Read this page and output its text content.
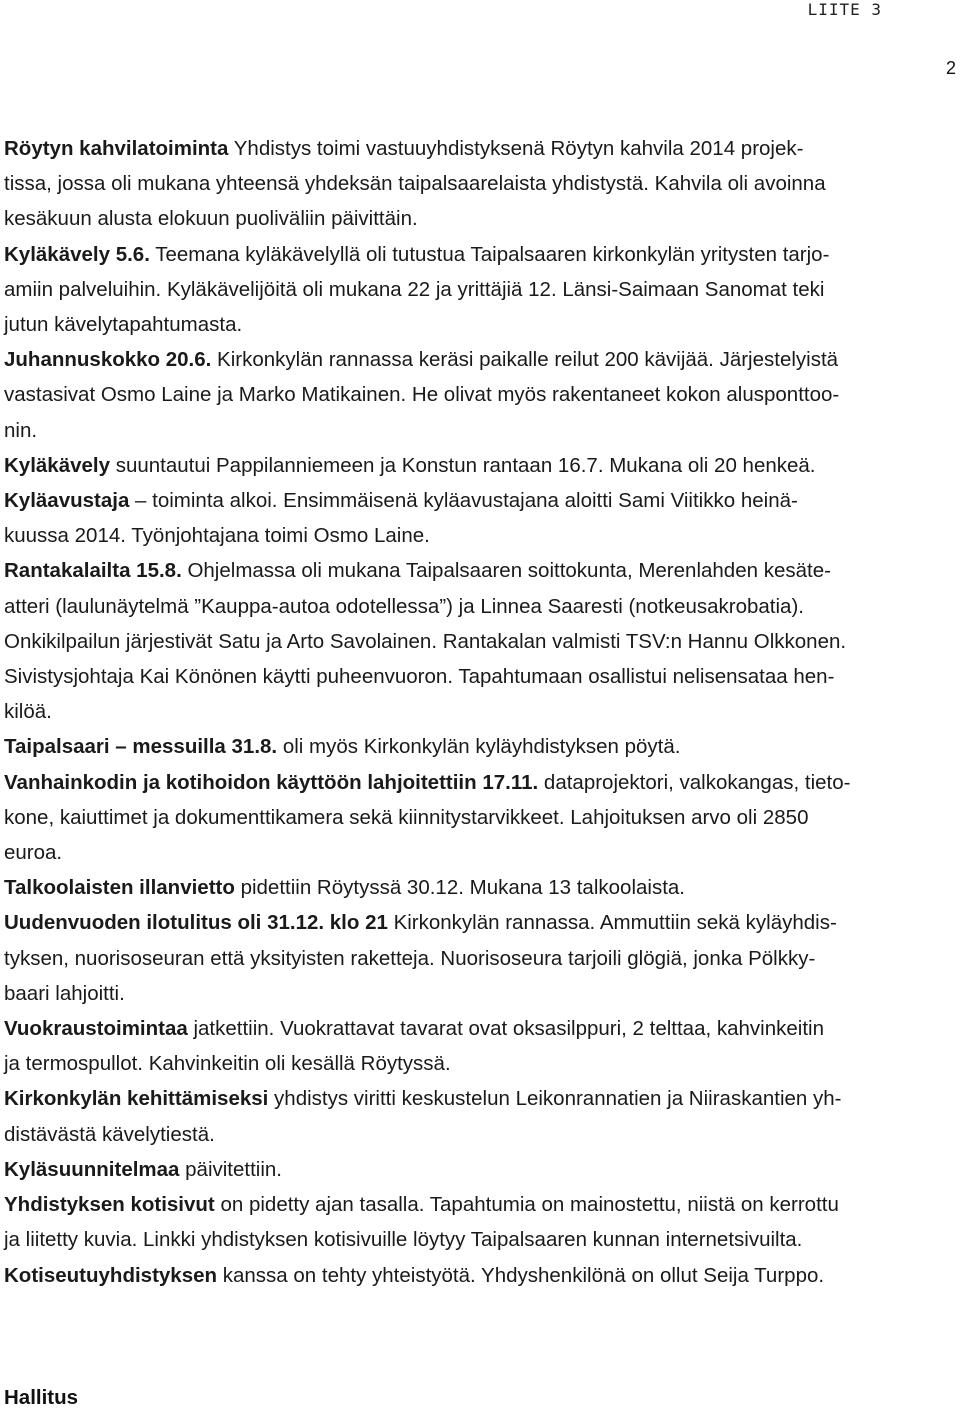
LIITE 3
2
Röytyn kahvilatoiminta Yhdistys toimi vastuuyhdistyksenä Röytyn kahvila 2014 projek-
tissa, jossa oli mukana yhteensä yhdeksän taipalsaarelaista yhdistystä. Kahvila oli avoinna
kesäkuun alusta elokuun puoliväliin päivittäin.
Kyläkävely 5.6. Teemana kyläkävelyllä oli tutustua Taipalsaaren kirkonkylän yritysten tarjo-
amiin palveluihin. Kyläkävelijöitä oli mukana 22 ja yrittäjiä 12. Länsi-Saimaan Sanomat teki
jutun kävelytapahtumasta.
Juhannuskokko 20.6. Kirkonkylän rannassa keräsi paikalle reilut 200 kävijää. Järjestelyistä
vastasivat Osmo Laine ja Marko Matikainen. He olivat myös rakentaneet kokon alusponttoo-
nin.
Kyläkävely suuntautui Pappilanniemeen ja Konstun rantaan 16.7. Mukana oli 20 henkeä.
Kyläavustaja – toiminta alkoi. Ensimmäisenä kyläavustajana aloitti Sami Viitikko heinä-
kuussa 2014. Työnjohtajana toimi Osmo Laine.
Rantakalailta 15.8. Ohjelmassa oli mukana Taipalsaaren soittokunta, Merenlahden kesäte-
atteri (laulunäytelmä ”Kauppa-autoa odotellessa”) ja Linnea Saaresti (notkeusakrobatia).
Onkikilpailun järjestivät Satu ja Arto Savolainen. Rantakalan valmisti TSV:n Hannu Olkkonen.
Sivistysjohtaja Kai Könönen käytti puheenvuoron. Tapahtumaan osallistui nelisensataa hen-
kilöä.
Taipalsaari – messuilla 31.8. oli myös Kirkonkylän kyläyhdistyksen pöytä.
Vanhainkodin ja kotihoidon käyttöön lahjoitettiin 17.11. dataprojektori, valkokangas, tieto-
kone, kaiuttimet ja dokumenttikamera sekä kiinnitystarvikkeet. Lahjoituksen arvo oli 2850
euroa.
Talkoolaisten illanvietto pidettiin Röytyssä 30.12. Mukana 13 talkoolaista.
Uudenvuoden ilotulitus oli 31.12. klo 21 Kirkonkylän rannassa. Ammuttiin sekä kyläyhdis-
tyksen, nuorisoseuran että yksityisten raketteja. Nuorisoseura tarjoili glögiä, jonka Pölkky-
baari lahjoitti.
Vuokraustoimintaa jatkettiin. Vuokrattavat tavarat ovat oksasilppuri, 2 telttaa, kahvinkeitin
ja termospullot. Kahvinkeitin oli kesällä Röytyssä.
Kirkonkylän kehittämiseksi yhdistys viritti keskustelun Leikonrannatien ja Niiraskantien yh-
distävästä kävelytiestä.
Kyläsuunnitelmaa päivitettiin.
Yhdistyksen kotisivut on pidetty ajan tasalla. Tapahtumia on mainostettu, niistä on kerrottu
ja liitetty kuvia. Linkki yhdistyksen kotisivuille löytyy Taipalsaaren kunnan internetsivuilta.
Kotiseutuyhdistyksen kanssa on tehty yhteistyötä. Yhdyshenkilönä on ollut Seija Turppo.
Hallitus
